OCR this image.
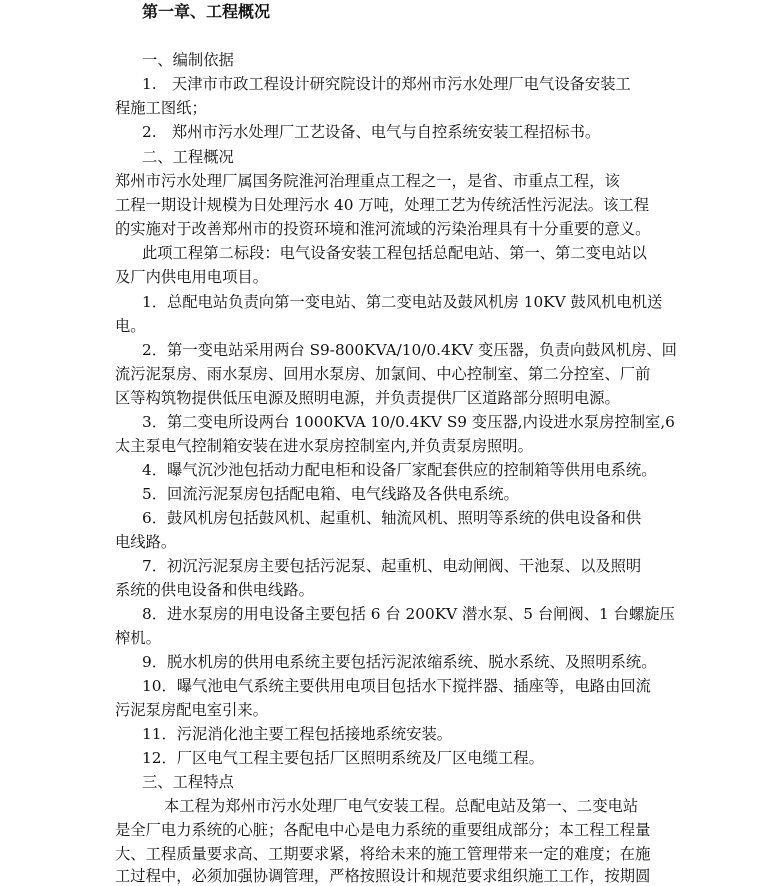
第一章、工程概况
一、编制依据
1.　天津市市政工程设计研究院设计的郑州市污水处理厂电气设备安装工
程施工图纸；
2.　郑州市污水处理厂工艺设备、电气与自控系统安装工程招标书。
二、工程概况
郑州市污水处理厂属国务院淮河治理重点工程之一，是省、市重点工程，该
工程一期设计规模为日处理污水 40 万吨，处理工艺为传统活性污泥法。该工程
的实施对于改善郑州市的投资环境和淮河流域的污染治理具有十分重要的意义。
此项工程第二标段：电气设备安装工程包括总配电站、第一、第二变电站以
及厂内供电用电项目。
1．总配电站负责向第一变电站、第二变电站及鼓风机房 10KV 鼓风机电机送
电。
2．第一变电站采用两台 S9-800KVA/10/0.4KV 变压器，负责向鼓风机房、回
流污泥泵房、雨水泵房、回用水泵房、加氯间、中心控制室、第二分控室、厂前
区等构筑物提供低压电源及照明电源，并负责提供厂区道路部分照明电源。
3．第二变电所设两台 1000KVA 10/0.4KV S9 变压器,内设进水泵房控制室,6
太主泵电气控制箱安装在进水泵房控制室内,并负责泵房照明。
4．曝气沉沙池包括动力配电柜和设备厂家配套供应的控制箱等供用电系统。
5．回流污泥泵房包括配电箱、电气线路及各供电系统。
6．鼓风机房包括鼓风机、起重机、轴流风机、照明等系统的供电设备和供
电线路。
7．初沉污泥泵房主要包括污泥泵、起重机、电动闸阀、干池泵、以及照明
系统的供电设备和供电线路。
8．进水泵房的用电设备主要包括 6 台 200KV 潜水泵、5 台闸阀、1 台螺旋压
榨机。
9．脱水机房的供用电系统主要包括污泥浓缩系统、脱水系统、及照明系统。
10．曝气池电气系统主要供用电项目包括水下搅拌器、插座等，电路由回流
污泥泵房配电室引来。
11．污泥消化池主要工程包括接地系统安装。
12．厂区电气工程主要包括厂区照明系统及厂区电缆工程。
三、工程特点
本工程为郑州市污水处理厂电气安装工程。总配电站及第一、二变电站
是全厂电力系统的心脏；各配电中心是电力系统的重要组成部分；本工程工程量
大、工程质量要求高、工期要求紧，将给未来的施工管理带来一定的难度；在施
工过程中，必须加强协调管理，严格按照设计和规范要求组织施工工作，按期圆
